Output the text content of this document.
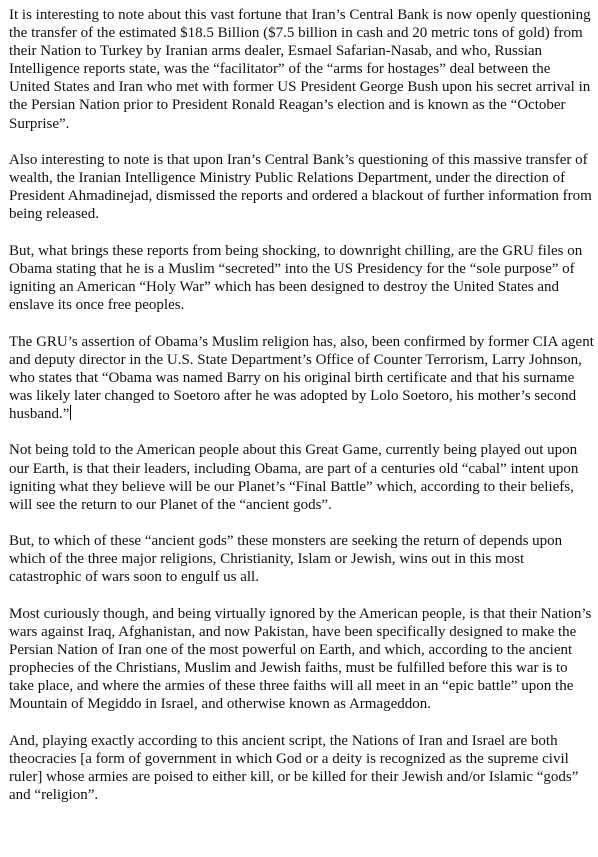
It is interesting to note about this vast fortune that Iran’s Central Bank is now openly questioning the transfer of the estimated $18.5 Billion ($7.5 billion in cash and 20 metric tons of gold) from their Nation to Turkey by Iranian arms dealer, Esmael Safarian-Nasab, and who, Russian Intelligence reports state, was the “facilitator” of the “arms for hostages” deal between the United States and Iran who met with former US President George Bush upon his secret arrival in the Persian Nation prior to President Ronald Reagan’s election and is known as the “October Surprise”.

Also interesting to note is that upon Iran’s Central Bank’s questioning of this massive transfer of wealth, the Iranian Intelligence Ministry Public Relations Department, under the direction of President Ahmadinejad, dismissed the reports and ordered a blackout of further information from being released.

But, what brings these reports from being shocking, to downright chilling, are the GRU files on Obama stating that he is a Muslim “secreted” into the US Presidency for the “sole purpose” of igniting an American “Holy War” which has been designed to destroy the United States and enslave its once free peoples.

The GRU’s assertion of Obama’s Muslim religion has, also, been confirmed by former CIA agent and deputy director in the U.S. State Department’s Office of Counter Terrorism, Larry Johnson, who states that “Obama was named Barry on his original birth certificate and that his surname was likely later changed to Soetoro after he was adopted by Lolo Soetoro, his mother’s second husband.”

Not being told to the American people about this Great Game, currently being played out upon our Earth, is that their leaders, including Obama, are part of a centuries old “cabal” intent upon igniting what they believe will be our Planet’s “Final Battle” which, according to their beliefs, will see the return to our Planet of the “ancient gods”.

But, to which of these “ancient gods” these monsters are seeking the return of depends upon which of the three major religions, Christianity, Islam or Jewish, wins out in this most catastrophic of wars soon to engulf us all.

Most curiously though, and being virtually ignored by the American people, is that their Nation’s wars against Iraq, Afghanistan, and now Pakistan, have been specifically designed to make the Persian Nation of Iran one of the most powerful on Earth, and which, according to the ancient prophecies of the Christians, Muslim and Jewish faiths, must be fulfilled before this war is to take place, and where the armies of these three faiths will all meet in an “epic battle” upon the Mountain of Megiddo in Israel, and otherwise known as Armageddon.

And, playing exactly according to this ancient script, the Nations of Iran and Israel are both theocracies [a form of government in which God or a deity is recognized as the supreme civil ruler] whose armies are poised to either kill, or be killed for their Jewish and/or Islamic “gods” and “religion”.
